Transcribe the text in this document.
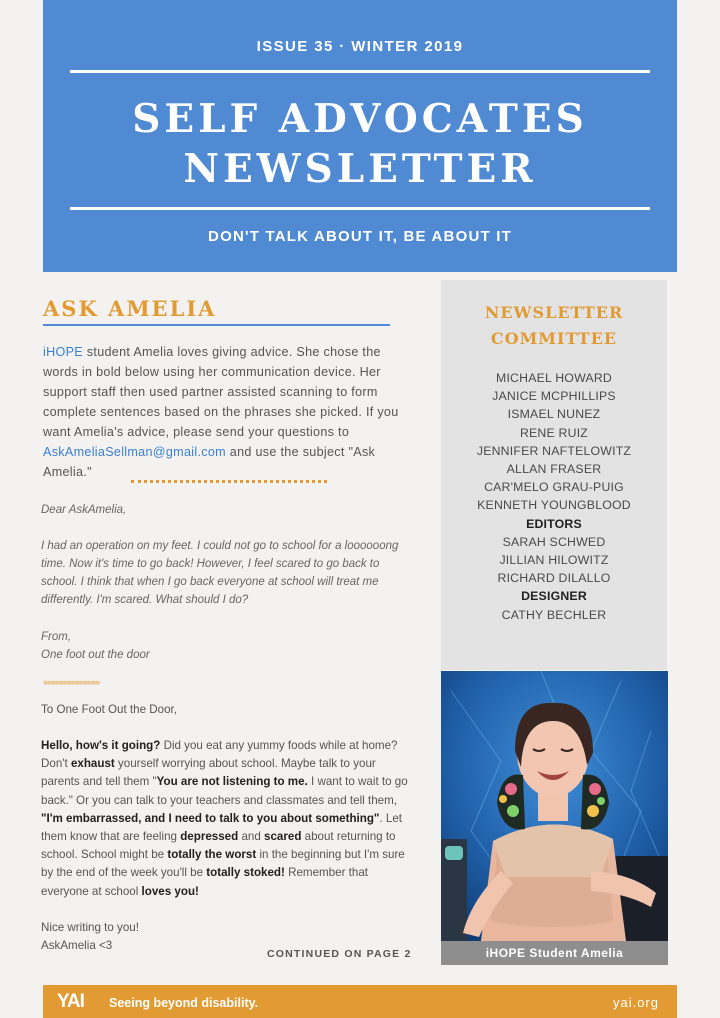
ISSUE 35 · WINTER 2019
SELF ADVOCATES
NEWSLETTER
DON'T TALK ABOUT IT, BE ABOUT IT
ASK AMELIA
iHOPE student Amelia loves giving advice. She chose the words in bold below using her communication device. Her support staff then used partner assisted scanning to form complete sentences based on the phrases she picked. If you want Amelia's advice, please send your questions to AskAmeliaSellman@gmail.com and use the subject "Ask Amelia."
Dear AskAmelia,
I had an operation on my feet. I could not go to school for a loooooong time. Now it's time to go back! However, I feel scared to go back to school. I think that when I go back everyone at school will treat me differently. I'm scared. What should I do?
From,
One foot out the door
»»»»»»»»»»»»»»
To One Foot Out the Door,
Hello, how's it going? Did you eat any yummy foods while at home? Don't exhaust yourself worrying about school. Maybe talk to your parents and tell them "You are not listening to me. I want to wait to go back." Or you can talk to your teachers and classmates and tell them, "I'm embarrassed, and I need to talk to you about something". Let them know that are feeling depressed and scared about returning to school. School might be totally the worst in the beginning but I'm sure by the end of the week you'll be totally stoked! Remember that everyone at school loves you!
Nice writing to you!
AskAmelia <3
CONTINUED ON PAGE 2
NEWSLETTER
COMMITTEE
MICHAEL HOWARD
JANICE MCPHILLIPS
ISMAEL NUNEZ
RENE RUIZ
JENNIFER NAFTELOWITZ
ALLAN FRASER
CAR'MELO GRAU-PUIG
KENNETH YOUNGBLOOD
EDITORS
SARAH SCHWED
JILLIAN HILOWITZ
RICHARD DILALLO
DESIGNER
CATHY BECHLER
iHOPE Student Amelia
YAI Seeing beyond disability.	yai.org
